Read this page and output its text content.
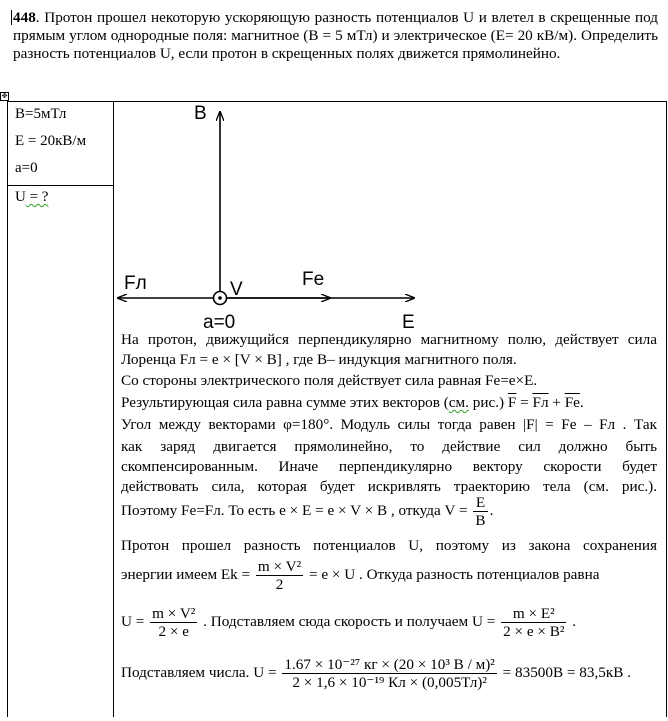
✥
448. Протон прошел некоторую ускоряющую разность потенциалов U и влетел в скрещенные под прямым углом однородные поля: магнитное (В = 5 мТл) и электрическое (Е= 20 кВ/м). Определить разность потенциалов U, если протон в скрещенных полях движется прямолинейно.
B=5мТл
E = 20кВ/м
a=0
U = ?
B
V	Fe
Fл
a=0	E
На протон, движущийся перпендикулярно магнитному полю, действует сила
Лоренца Fл = e × [V × B] , где B– индукция магнитного поля.
Со стороны электрического поля действует сила равная Fe=e×E.
Результирующая сила равна сумме этих векторов (см. рис.) $\overline{F}$ = Fл + $\overline{Fe}$.
Угол между векторами φ=180°. Модуль силы тогда равен |F| = Fe – Fл . Так
как заряд двигается прямолинейно, то действие сил должно быть
скомпенсированным. Иначе перпендикулярно вектору скорости будет
действовать сила, которая будет искривлять траекторию тела (см. рис.).
Поэтому Fe=Fл. То есть e × E = e × V × B , откуда $V = \frac{E}{B}$ .
Протон прошел разность потенциалов U, поэтому из закона сохранения
энергии имеем $Ek = \frac{\text{m × V²}}{2} = e \times U$ . Откуда разность потенциалов равна
$U = \frac{\text{m × V²}}{2 \times e}$ . Подставляем сюда скорость и получаем $U = \frac{\text{m × E²}}{\text{2 × e × B²}}$ .
Подставляем числа. $U = \frac{\text{1.67 × 10⁻²⁷ кг × (20 × 10³ В / м)²}}{\text{2 × 1,6 × 10⁻¹⁹ Кл × (0,005Тл)²}} = 83500В = 83,5кВ$ .
